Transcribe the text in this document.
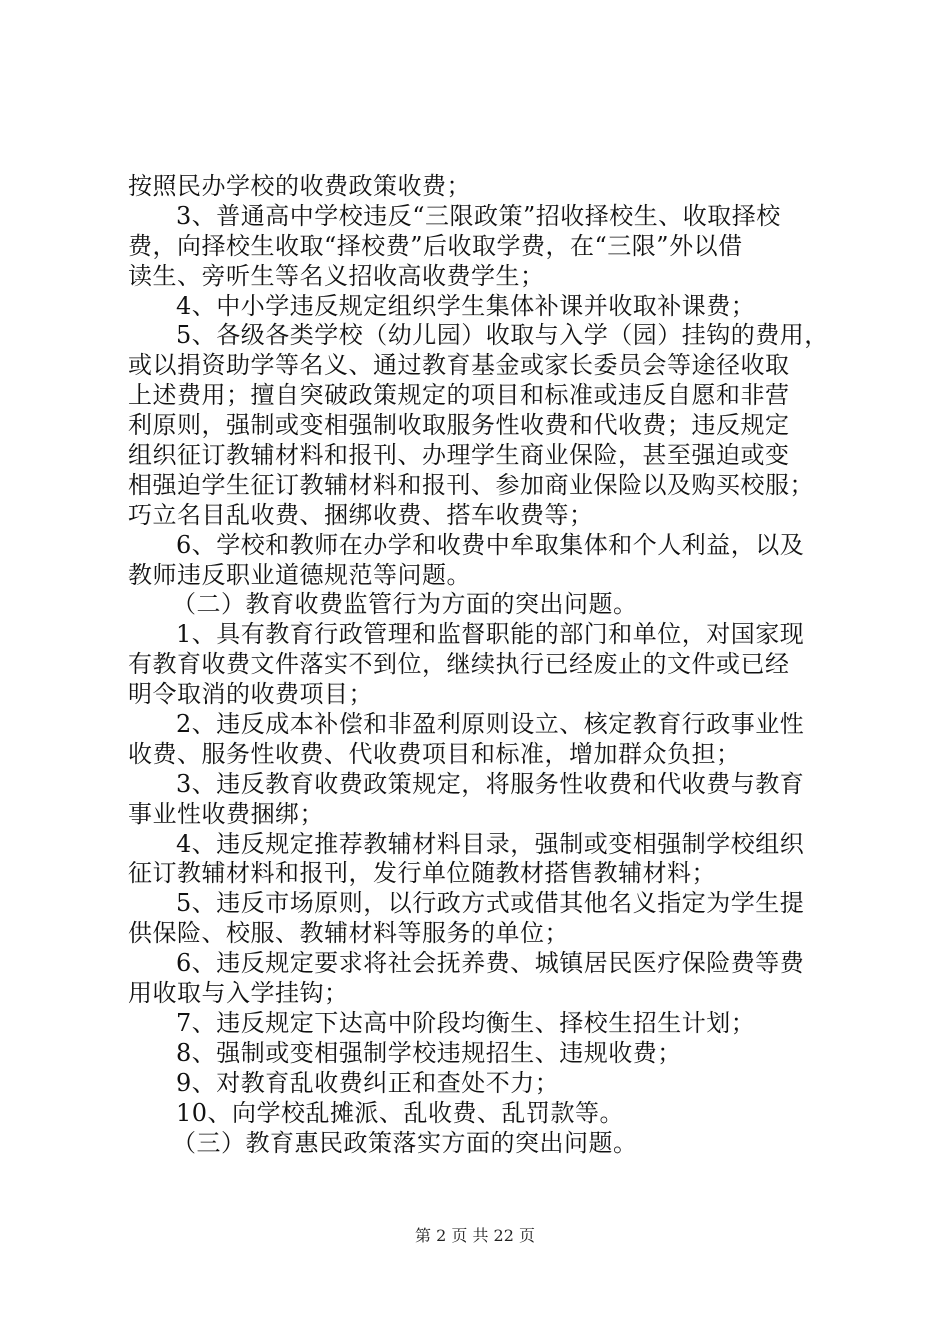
按照民办学校的收费政策收费；
3、普通高中学校违反“三限政策”招收择校生、收取择校
费，向择校生收取“择校费”后收取学费，在“三限”外以借
读生、旁听生等名义招收高收费学生；
4、中小学违反规定组织学生集体补课并收取补课费；
5、各级各类学校（幼儿园）收取与入学（园）挂钩的费用，
或以捐资助学等名义、通过教育基金或家长委员会等途径收取
上述费用；擅自突破政策规定的项目和标准或违反自愿和非营
利原则，强制或变相强制收取服务性收费和代收费；违反规定
组织征订教辅材料和报刊、办理学生商业保险，甚至强迫或变
相强迫学生征订教辅材料和报刊、参加商业保险以及购买校服；
巧立名目乱收费、捆绑收费、搭车收费等；
6、学校和教师在办学和收费中牟取集体和个人利益，以及
教师违反职业道德规范等问题。
（二）教育收费监管行为方面的突出问题。
1、具有教育行政管理和监督职能的部门和单位，对国家现
有教育收费文件落实不到位，继续执行已经废止的文件或已经
明令取消的收费项目；
2、违反成本补偿和非盈利原则设立、核定教育行政事业性
收费、服务性收费、代收费项目和标准，增加群众负担；
3、违反教育收费政策规定，将服务性收费和代收费与教育
事业性收费捆绑；
4、违反规定推荐教辅材料目录，强制或变相强制学校组织
征订教辅材料和报刊，发行单位随教材搭售教辅材料；
5、违反市场原则，以行政方式或借其他名义指定为学生提
供保险、校服、教辅材料等服务的单位；
6、违反规定要求将社会抚养费、城镇居民医疗保险费等费
用收取与入学挂钩；
7、违反规定下达高中阶段均衡生、择校生招生计划；
8、强制或变相强制学校违规招生、违规收费；
9、对教育乱收费纠正和查处不力；
10、向学校乱摊派、乱收费、乱罚款等。
（三）教育惠民政策落实方面的突出问题。
第 2 页 共 22 页
